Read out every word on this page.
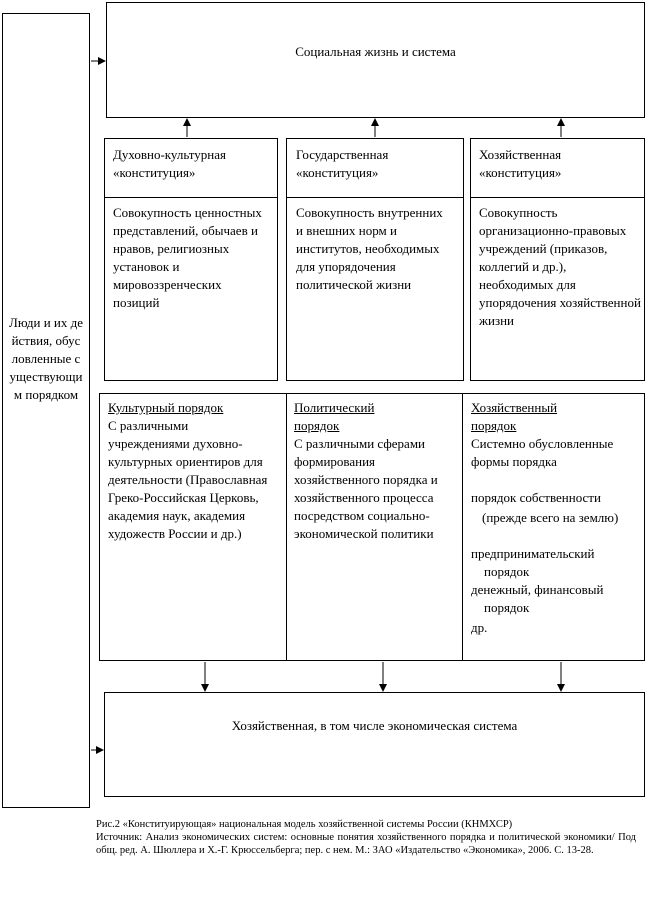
Люди и их действия, обусловленные существующим порядком
Социальная жизнь и система
Духовно-культурная
«конституция»
Государственная
«конституция»
Хозяйственная
«конституция»
Совокупность ценностных представлений, обычаев и нравов, религиозных установок и мировоззренческих позиций
Совокупность внутренних и внешних норм и институтов, необходимых для упорядочения политической жизни
Совокупность организационно-правовых учреждений (приказов, коллегий и др.), необходимых для упорядочения хозяйственной жизни
Культурный порядок
С различными учреждениями духовно-культурных ориентиров для деятельности (Православная Греко-Российская Церковь, академия наук, академия художеств России и др.)
Политический порядок
С различными сферами формирования хозяйственного порядка и хозяйственного процесса посредством социально-экономической политики
Хозяйственный порядок
Системно обусловленные формы порядка
порядок собственности
(прежде всего на землю)
предпринимательский
порядок
денежный, финансовый
порядок
др.
Хозяйственная, в том числе экономическая система
Рис.2 «Конституирующая» национальная модель хозяйственной системы России (КНМХСР)
Источник: Анализ экономических систем: основные понятия хозяйственного порядка и политической экономики/ Под общ. ред. А. Шюллера и Х.-Г. Крюссельберга; пер. с нем. М.: ЗАО «Издательство «Экономика», 2006. С. 13-28.
